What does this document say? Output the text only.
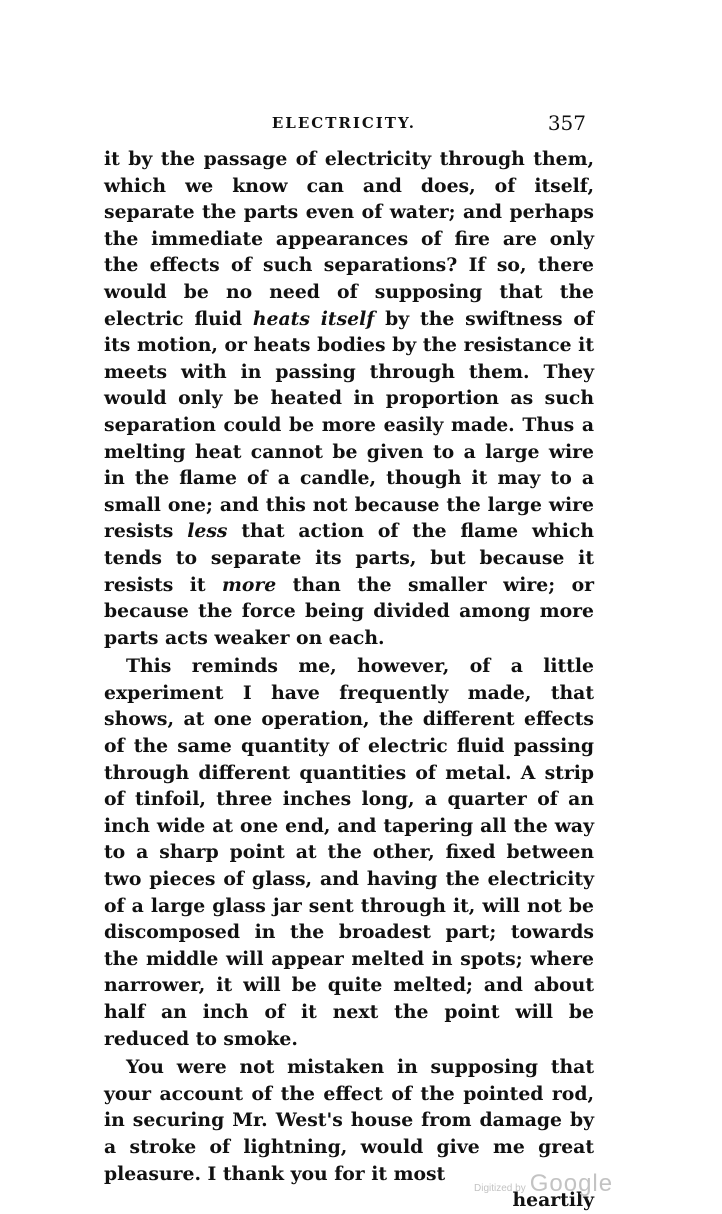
ELECTRICITY.	357

it by the passage of electricity through them, which we know can and does, of itself, separate the parts even of water; and perhaps the immediate appearances of fire are only the effects of such separations? If so, there would be no need of supposing that the electric fluid heats itself by the swiftness of its motion, or heats bodies by the resistance it meets with in passing through them. They would only be heated in proportion as such separation could be more easily made. Thus a melting heat cannot be given to a large wire in the flame of a candle, though it may to a small one; and this not because the large wire resists less that action of the flame which tends to separate its parts, but because it resists it more than the smaller wire; or because the force being divided among more parts acts weaker on each.

This reminds me, however, of a little experiment I have frequently made, that shows, at one operation, the different effects of the same quantity of electric fluid passing through different quantities of metal. A strip of tinfoil, three inches long, a quarter of an inch wide at one end, and tapering all the way to a sharp point at the other, fixed between two pieces of glass, and having the electricity of a large glass jar sent through it, will not be discomposed in the broadest part; towards the middle will appear melted in spots; where narrower, it will be quite melted; and about half an inch of it next the point will be reduced to smoke.

You were not mistaken in supposing that your account of the effect of the pointed rod, in securing Mr. West's house from damage by a stroke of lightning, would give me great pleasure. I thank you for it most

heartily

Digitized by Google
